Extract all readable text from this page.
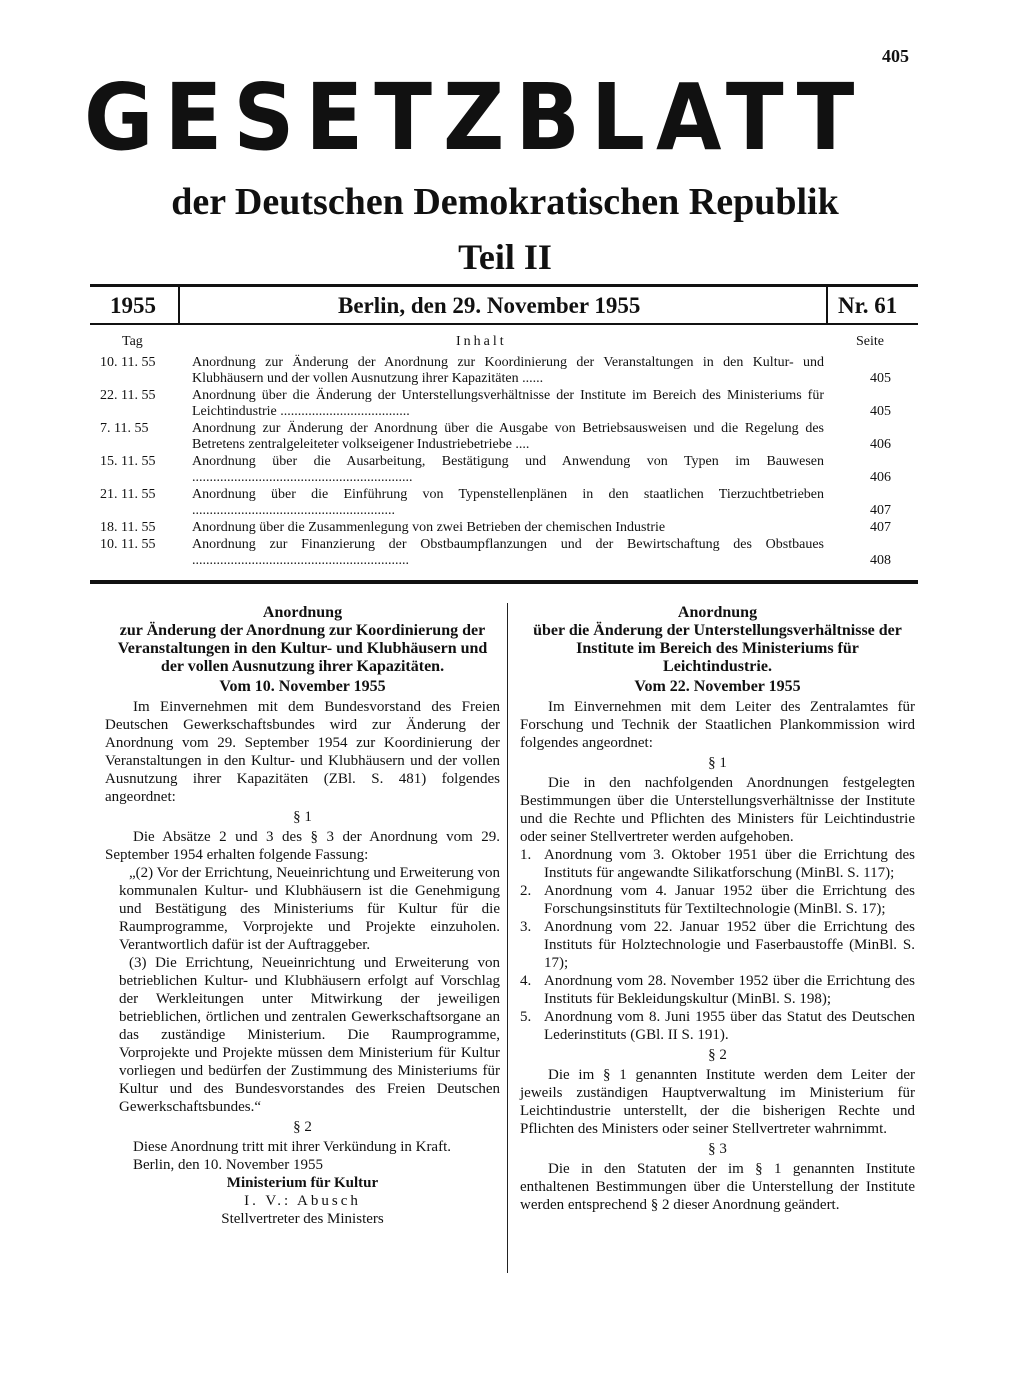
405
GESETZBLATT
der Deutschen Demokratischen Republik
Teil II
1955	Berlin, den 29. November 1955	Nr. 61
Tag	Inhalt	Seite
10. 11. 55	Anordnung zur Änderung der Anordnung zur Koordinierung der Veranstaltungen in den Kultur- und Klubhäusern und der vollen Ausnutzung ihrer Kapazitäten ......	405
22. 11. 55	Anordnung über die Änderung der Unterstellungsverhältnisse der Institute im Bereich des Ministeriums für Leichtindustrie .....................................	405
7. 11. 55	Anordnung zur Änderung der Anordnung über die Ausgabe von Betriebsausweisen und die Regelung des Betretens zentralgeleiteter volkseigener Industriebetriebe ....	406
15. 11. 55	Anordnung über die Ausarbeitung, Bestätigung und Anwendung von Typen im Bauwesen ...............................................................	406
21. 11. 55	Anordnung über die Einführung von Typenstellenplänen in den staatlichen Tierzuchtbetrieben ..........................................................	407
18. 11. 55	Anordnung über die Zusammenlegung von zwei Betrieben der chemischen Industrie	407
10. 11. 55	Anordnung zur Finanzierung der Obstbaumpflanzungen und der Bewirtschaftung des Obstbaues ..............................................................	408

Anordnung

zur Änderung der Anordnung zur Koordinierung der Veranstaltungen in den Kultur- und Klubhäusern und der vollen Ausnutzung ihrer Kapazitäten.

Vom 10. November 1955

Im Einvernehmen mit dem Bundesvorstand des Freien Deutschen Gewerkschaftsbundes wird zur Änderung der Anordnung vom 29. September 1954 zur Koordinierung der Veranstaltungen in den Kultur- und Klubhäusern und der vollen Ausnutzung ihrer Kapazitäten (ZBl. S. 481) folgendes angeordnet:

§ 1

Die Absätze 2 und 3 des § 3 der Anordnung vom 29. September 1954 erhalten folgende Fassung:

„(2) Vor der Errichtung, Neueinrichtung und Erweiterung von kommunalen Kultur- und Klubhäusern ist die Genehmigung und Bestätigung des Ministeriums für Kultur für die Raumprogramme, Vorprojekte und Projekte einzuholen. Verantwortlich dafür ist der Auftraggeber.

(3) Die Errichtung, Neueinrichtung und Erweiterung von betrieblichen Kultur- und Klubhäusern erfolgt auf Vorschlag der Werkleitungen unter Mitwirkung der jeweiligen betrieblichen, örtlichen und zentralen Gewerkschaftsorgane an das zuständige Ministerium. Die Raumprogramme, Vorprojekte und Projekte müssen dem Ministerium für Kultur vorliegen und bedürfen der Zustimmung des Ministeriums für Kultur und des Bundesvorstandes des Freien Deutschen Gewerkschaftsbundes.“

§ 2

Diese Anordnung tritt mit ihrer Verkündung in Kraft.

Berlin, den 10. November 1955

Ministerium für Kultur

I. V.: Abusch

Stellvertreter des Ministers

Anordnung

über die Änderung der Unterstellungsverhältnisse der Institute im Bereich des Ministeriums für Leichtindustrie.

Vom 22. November 1955

Im Einvernehmen mit dem Leiter des Zentralamtes für Forschung und Technik der Staatlichen Plankommission wird folgendes angeordnet:

§ 1

Die in den nachfolgenden Anordnungen festgelegten Bestimmungen über die Unterstellungsverhältnisse der Institute und die Rechte und Pflichten des Ministers für Leichtindustrie oder seiner Stellvertreter werden aufgehoben.

1. Anordnung vom 3. Oktober 1951 über die Errichtung des Instituts für angewandte Silikatforschung (MinBl. S. 117);
2. Anordnung vom 4. Januar 1952 über die Errichtung des Forschungsinstituts für Textiltechnologie (MinBl. S. 17);
3. Anordnung vom 22. Januar 1952 über die Errichtung des Instituts für Holztechnologie und Faserbaustoffe (MinBl. S. 17);
4. Anordnung vom 28. November 1952 über die Errichtung des Instituts für Bekleidungskultur (MinBl. S. 198);
5. Anordnung vom 8. Juni 1955 über das Statut des Deutschen Lederinstituts (GBl. II S. 191).

§ 2

Die im § 1 genannten Institute werden dem Leiter der jeweils zuständigen Hauptverwaltung im Ministerium für Leichtindustrie unterstellt, der die bisherigen Rechte und Pflichten des Ministers oder seiner Stellvertreter wahrnimmt.

§ 3

Die in den Statuten der im § 1 genannten Institute enthaltenen Bestimmungen über die Unterstellung der Institute werden entsprechend § 2 dieser Anordnung geändert.
